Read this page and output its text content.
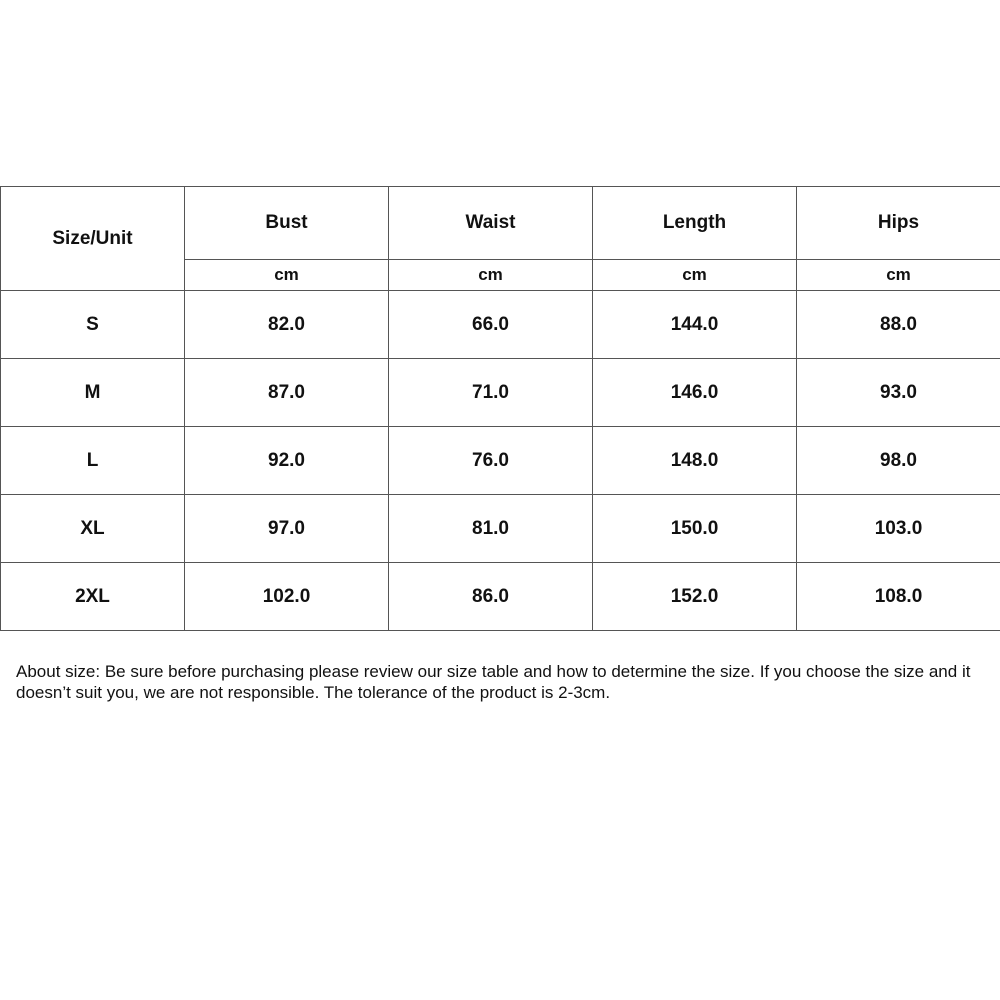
Size/Unit	Bust	Waist	Length	Hips
	cm	cm	cm	cm
S	82.0	66.0	144.0	88.0
M	87.0	71.0	146.0	93.0
L	92.0	76.0	148.0	98.0
XL	97.0	81.0	150.0	103.0
2XL	102.0	86.0	152.0	108.0

About size: Be sure before purchasing please review our size table and how to determine the size. If you choose the size and it doesn’t suit you, we are not responsible. The tolerance of the product is 2-3cm.
